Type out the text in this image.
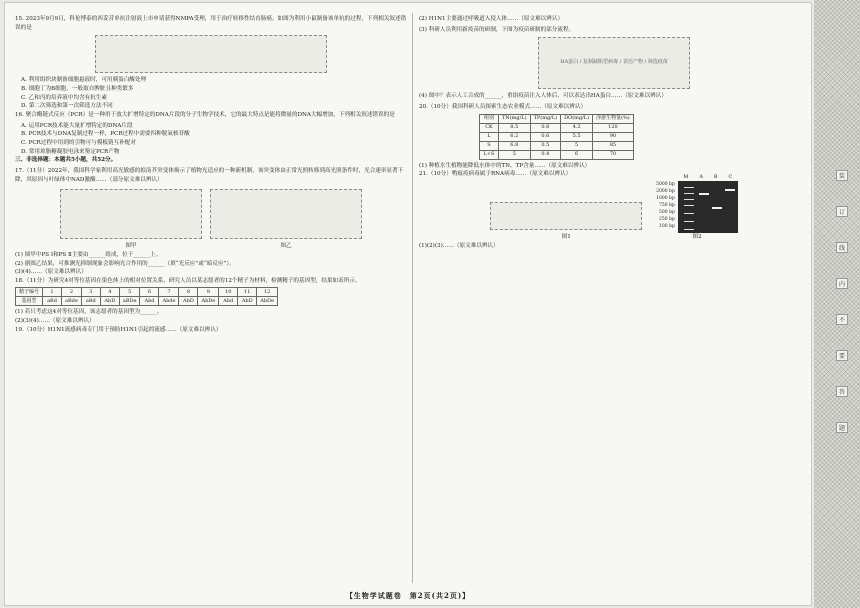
15. 2023年9月9日，科伦博泰的西妥昔单抗注射液上市申请获得NMPA受理，用于治疗转移性结直肠癌。如图为利用小鼠制备该单抗的过程，下列相关叙述错误的是

A. 利用组织块制备细胞悬液时，可用胰蛋白酶处理
B. 细胞丁为B细胞，一般取自脾脏且种类繁多
C. 乙和丙的培养液中均含有抗生素
D. 第二次筛选和第一次筛选方法不同

16. 聚合酶链式反应（PCR）是一种用于放大扩增特定的DNA片段的分子生物学技术，它的最大特点是能将微量的DNA大幅增加。下列相关叙述错误的是

A. 运用PCR技术能大量扩增特定的DNA片段
B. PCR技术与DNA复制过程一样，PCR过程中需要四种脱氧核苷酸
C. PCR过程中用到的引物可与模板链互补配对
D. 常用琼脂糖凝胶电泳来鉴定PCR产物

三、非选择题：本题共5小题，共52分。

17.（11分）2022年，我国科学家利用高光敏感的拟南芥突变体揭示了植物光适应的一种新机制，该突变体由正常光照转移到高光照条件时，光合速率显著下降，其原因与叶绿体中NAD激酶……（部分原文难以辨认）

图甲	图乙
(1) 图甲中PS Ⅰ和PS Ⅱ主要由______组成，位于______上。
(2) 据图乙结果，可推测光抑制现象会影响光合作用的______（填“光反应”或“暗反应”）。
(3)(4)……（原文难以辨认）

18.（11分）为研究4对等位基因在染色体上的相对位置关系，研究人员以某志愿者的12个精子为材料，检测精子的基因型，结果如表所示。

精子编号	1	2	3	4	5	6	7	8	9	10	11	12
基因型	aBd	aBde	aBd	AbD	aBDe	Abd	Abde	AbD	AbDe	Abd	AbD	AbDe
(1) 若只考虑这4对等位基因，该志愿者的基因型为______。
(2)(3)(4)……（原文难以辨认）

19.（10分）H1N1流感病毒专门用于预防H1N1引起的流感……（原文难以辨认）

(2) H1N1主要通过呼吸道入侵人体……（原文难以辨认）

(3) 科研人员利用新疫苗的研制，下图为疫苗研制的部分流程。

HA蛋白 / 复制缺陷型病毒 / 表达产物 / 筛选疫苗

(4) 图中？表示人工合成的______，重组疫苗注入人体后，可以表达出HA蛋白……（原文难以辨认）

20.（10分）我国科研人员探索生态农业模式……（原文难以辨认）

组别	TN(mg/L)	TP(mg/L)	DO(mg/L)	浮游生物量(%)
CK	8.5	0.8	4.2	120
L	6.2	0.6	5.5	90
S	6.8	0.5	5	85
L+S	5	0.4	6	70
(1) 种植水生植物能降低水体中的TN、TP含量……（原文难以辨认）

21.（10分）鸭瘟疫病毒属于RNA病毒……（原文难以辨认）

图1
5000 bp
2000 bp
1000 bp
750 bp
500 bp
250 bp
100 bp
M A B C
图2
(1)(2)(3)……（原文难以辨认）
【生物学试题卷　第2页(共2页)】
装
订
线
内
不
要
答
题
